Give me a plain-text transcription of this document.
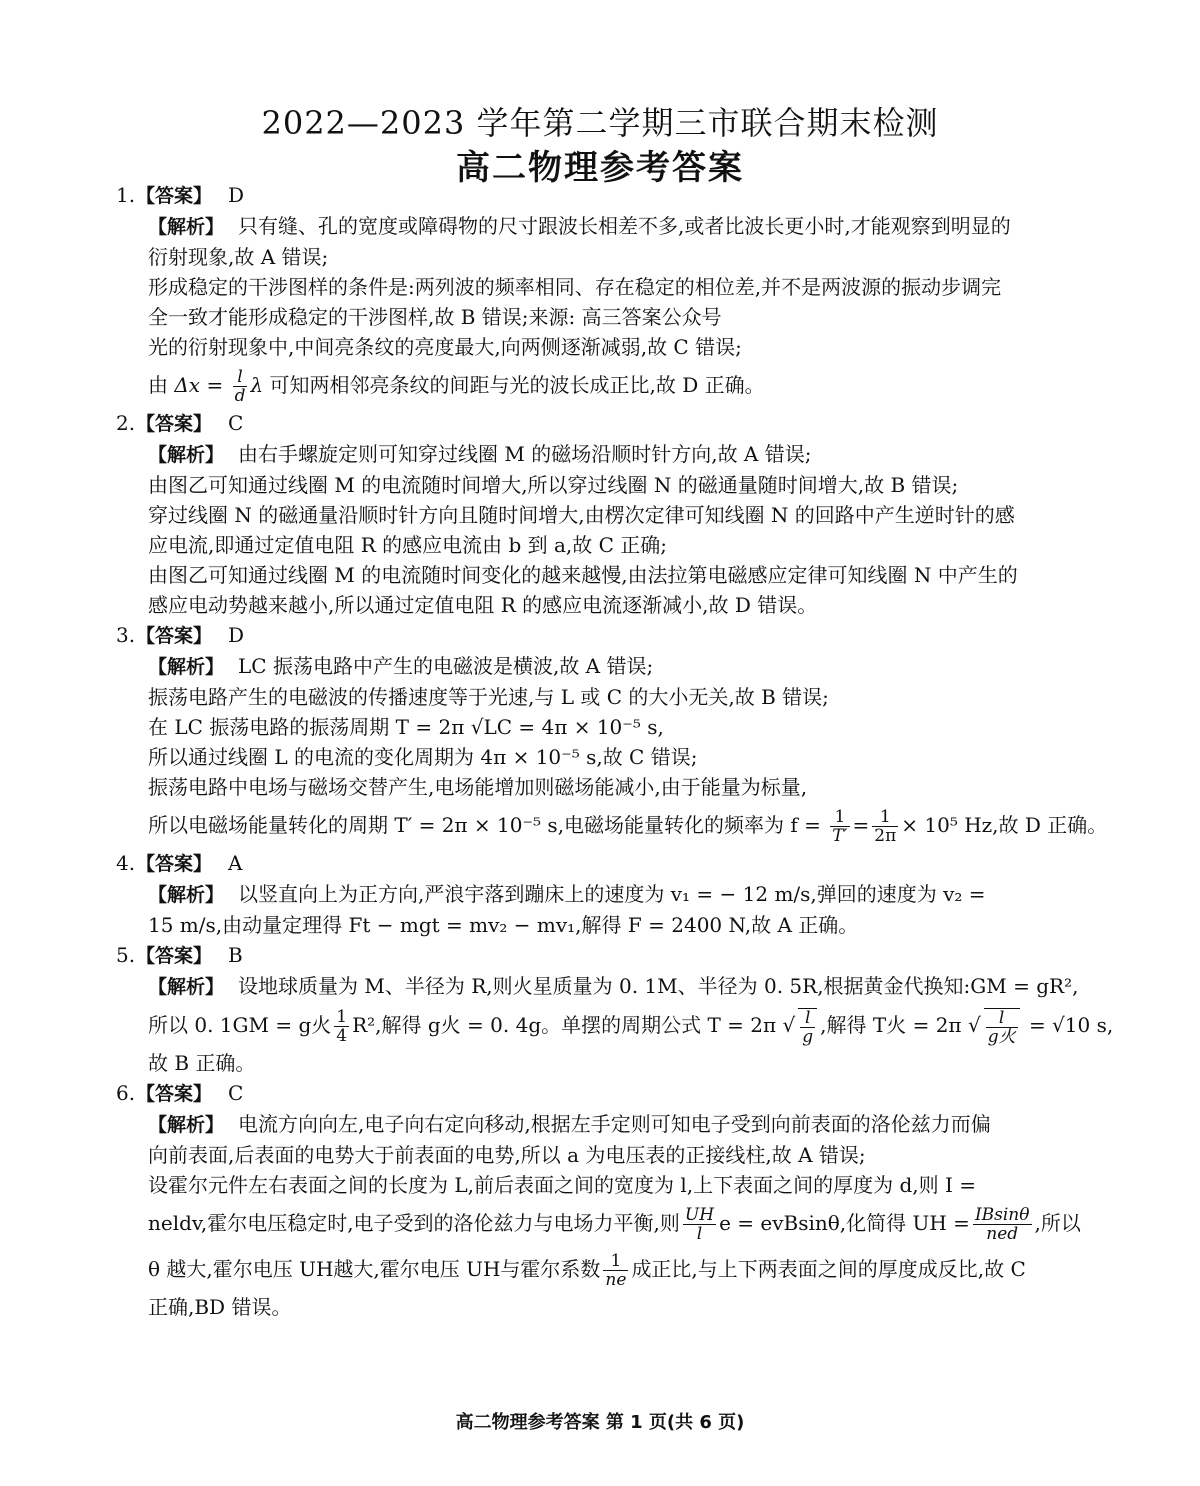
2022—2023 学年第二学期三市联合期末检测
高二物理参考答案
1. 【答案】 D
【解析】 只有缝、孔的宽度或障碍物的尺寸跟波长相差不多,或者比波长更小时,才能观察到明显的
衍射现象,故 A 错误;
形成稳定的干涉图样的条件是:两列波的频率相同、存在稳定的相位差,并不是两波源的振动步调完
全一致才能形成稳定的干涉图样,故 B 错误;来源: 高三答案公众号
光的衍射现象中,中间亮条纹的亮度最大,向两侧逐渐减弱,故 C 错误;
由 $\Delta x = \frac{l}{d}$ λ 可知两相邻亮条纹的间距与光的波长成正比,故 D 正确。
2. 【答案】 C
【解析】 由右手螺旋定则可知穿过线圈 M 的磁场沿顺时针方向,故 A 错误;
由图乙可知通过线圈 M 的电流随时间增大,所以穿过线圈 N 的磁通量随时间增大,故 B 错误;
穿过线圈 N 的磁通量沿顺时针方向且随时间增大,由楞次定律可知线圈 N 的回路中产生逆时针的感
应电流,即通过定值电阻 R 的感应电流由 b 到 a,故 C 正确;
由图乙可知通过线圈 M 的电流随时间变化的越来越慢,由法拉第电磁感应定律可知线圈 N 中产生的
感应电动势越来越小,所以通过定值电阻 R 的感应电流逐渐减小,故 D 错误。
3. 【答案】 D
【解析】 LC 振荡电路中产生的电磁波是横波,故 A 错误;
振荡电路产生的电磁波的传播速度等于光速,与 L 或 C 的大小无关,故 B 错误;
在 LC 振荡电路的振荡周期 T = 2π √LC = 4π × 10⁻⁵ s,
所以通过线圈 L 的电流的变化周期为 4π × 10⁻⁵ s,故 C 错误;
振荡电路中电场与磁场交替产生,电场能增加则磁场能减小,由于能量为标量,
所以电磁场能量转化的周期 T′ = 2π × 10⁻⁵ s,电磁场能量转化的频率为 $f = \frac{1}{T'} = \frac{1}{2\pi} \times 10^5$ Hz,故 D 正确。
4. 【答案】 A
【解析】 以竖直向上为正方向,严浪宇落到蹦床上的速度为 v₁ = − 12 m/s,弹回的速度为 v₂ =
15 m/s,由动量定理得 Ft − mgt = mv₂ − mv₁,解得 F = 2400 N,故 A 正确。
5. 【答案】 B
【解析】 设地球质量为 M、半径为 R,则火星质量为 0. 1M、半径为 0. 5R,根据黄金代换知:GM = gR²,
所以 0. 1GM = g火 $\frac{1}{4} R^2$,解得 g火 = 0. 4g。单摆的周期公式 T = 2π √ $\frac{l}{g}$ ,解得 T火 = 2π √ $\frac{l}{\text{g火}} = √10$ s,
故 B 正确。
6. 【答案】 C
【解析】 电流方向向左,电子向右定向移动,根据左手定则可知电子受到向前表面的洛伦兹力而偏
向前表面,后表面的电势大于前表面的电势,所以 a 为电压表的正接线柱,故 A 错误;
设霍尔元件左右表面之间的长度为 L,前后表面之间的宽度为 l,上下表面之间的厚度为 d,则 I =
neldv,霍尔电压稳定时,电子受到的洛伦兹力与电场力平衡,则 $\frac{UH}{l}$ e = evBsinθ,化简得 UH = $\frac{IBsin\theta}{\text{ned}}$ ,所以
θ 越大,霍尔电压 UH越大,霍尔电压 UH与霍尔系数 $\frac{1}{ne}$ 成正比,与上下两表面之间的厚度成反比,故 C
正确,BD 错误。
高二物理参考答案 第 1 页(共 6 页)
